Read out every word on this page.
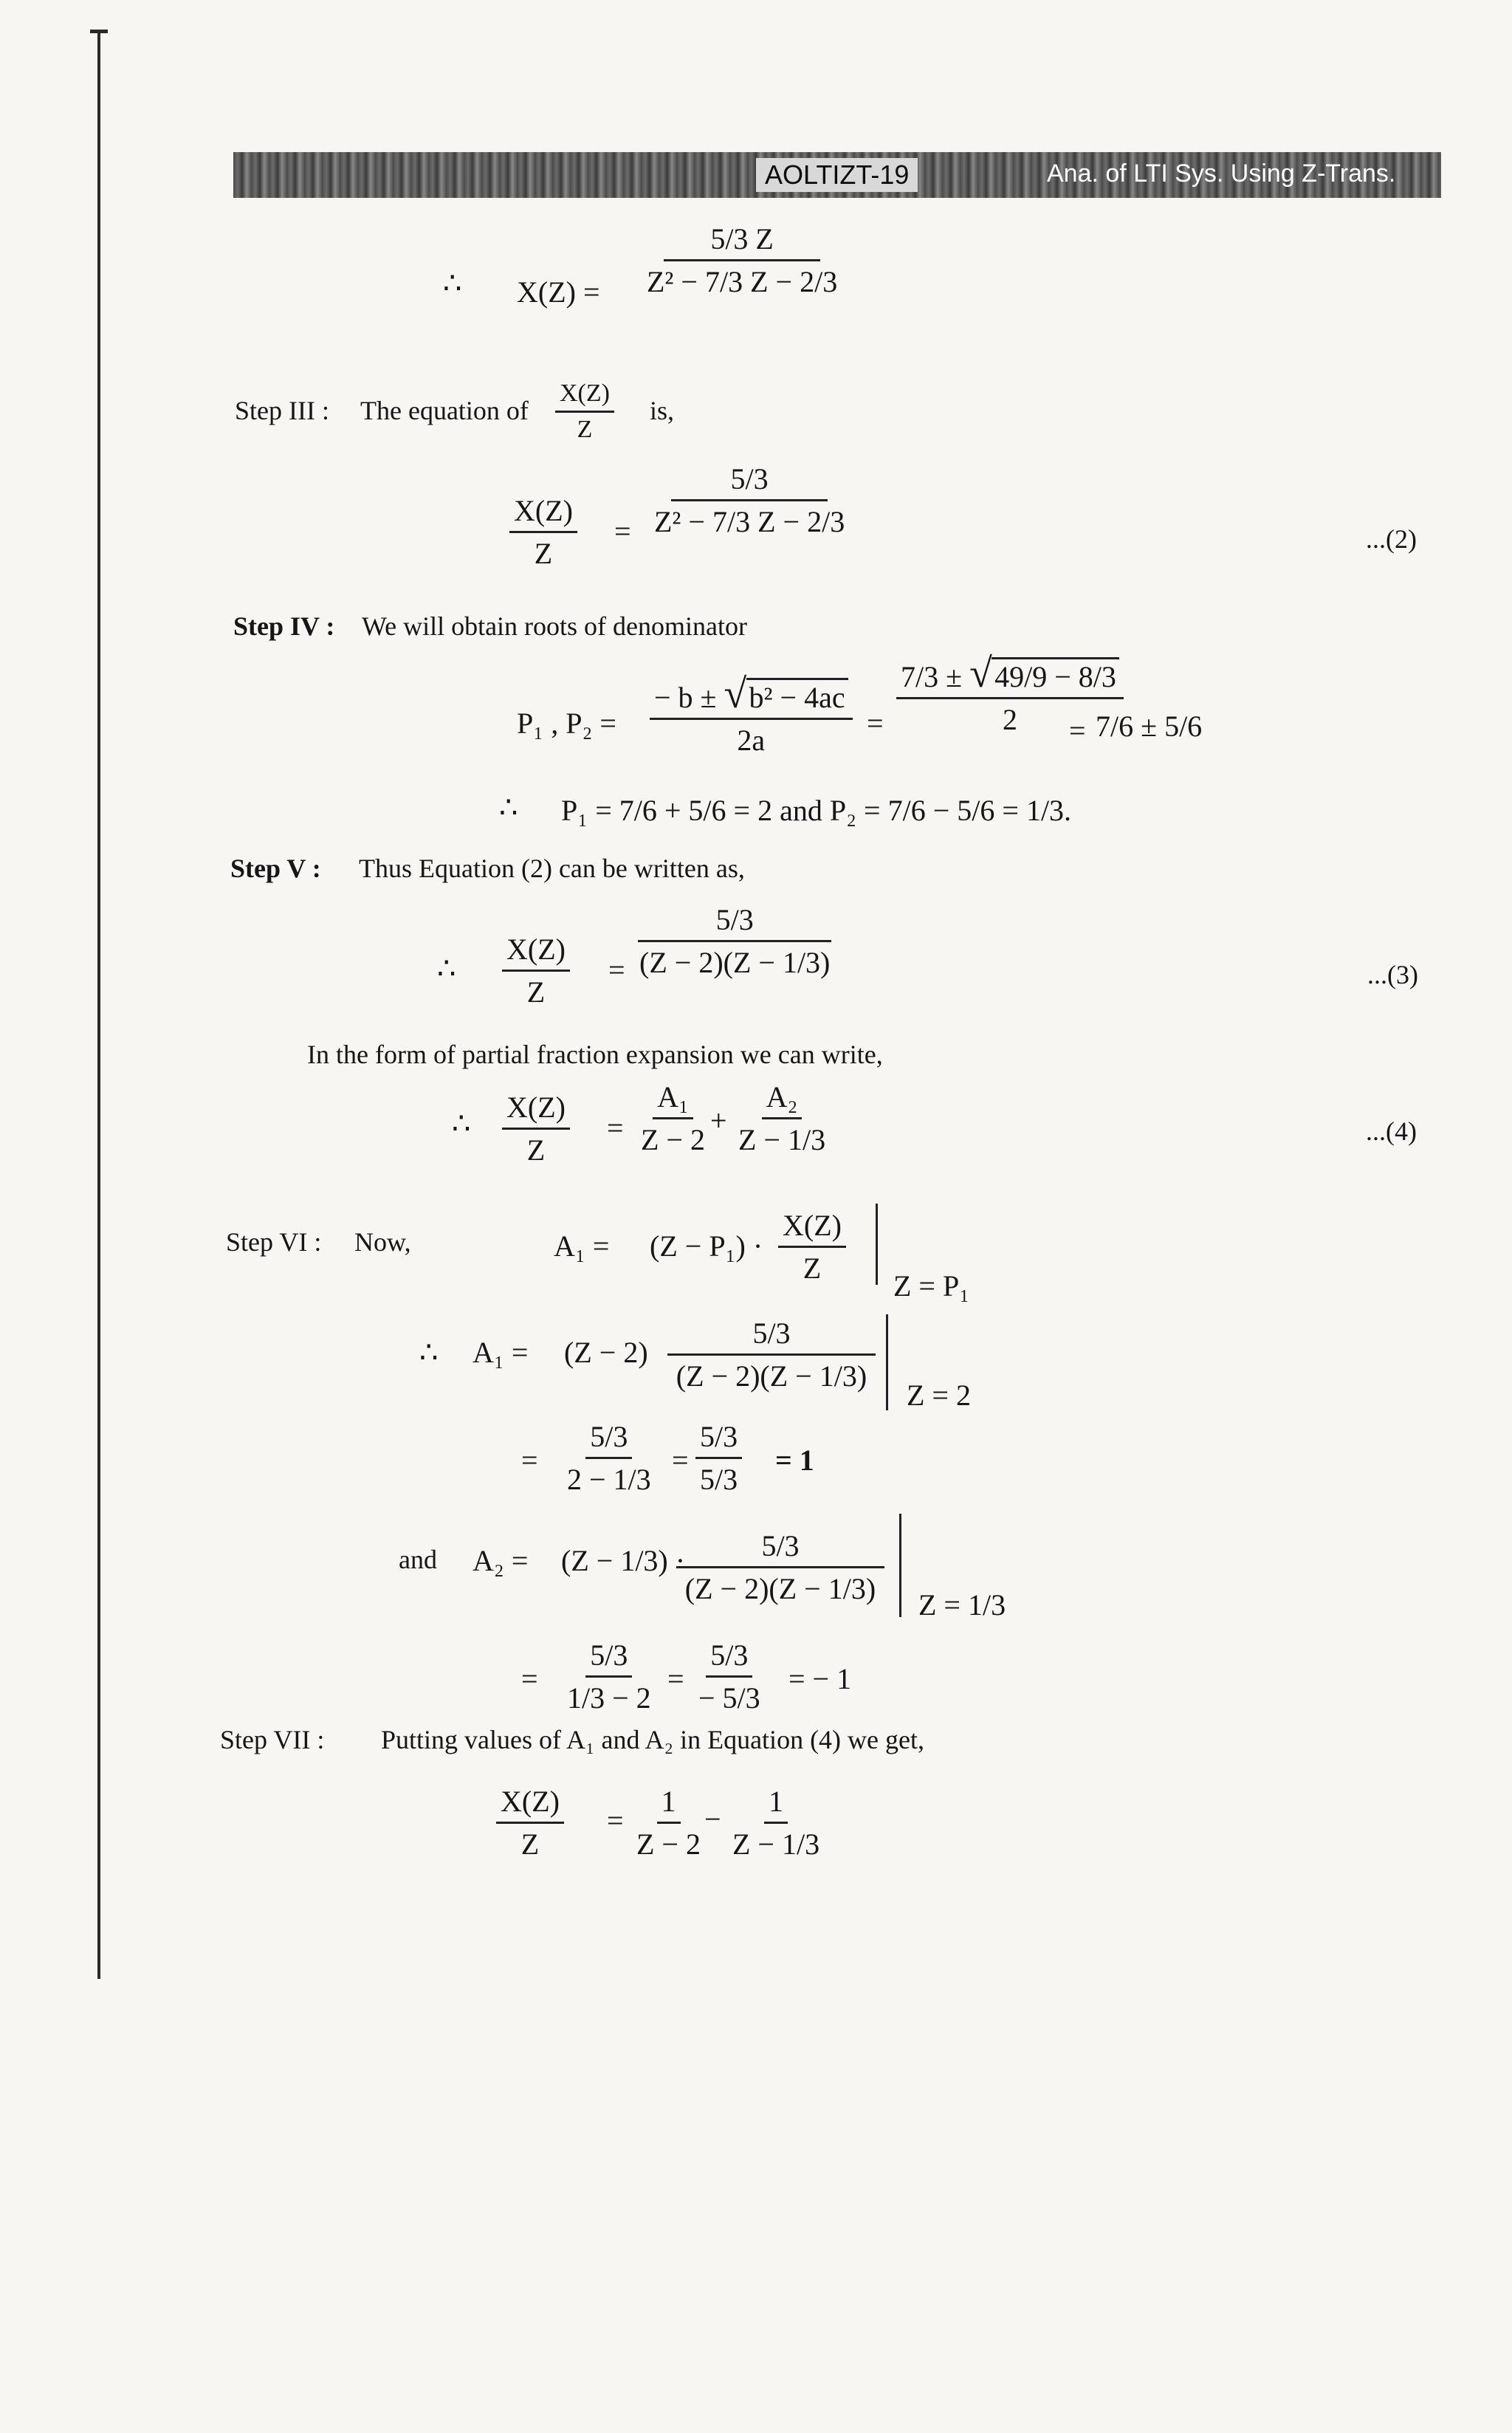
AOLTIZT-19	Ana. of LTI Sys. Using Z-Trans.
∴ $X(Z) = \frac{5/3 Z}{\text{Z² − 7/3 Z − 2/3}}$
Step III : The equation of $\frac{X(Z)}{Z}$ is,
$\frac{X(Z)}{Z} = \frac{5/3}{\text{Z² − 7/3 Z − 2/3}}$	...(2)
Step IV : We will obtain roots of denominator
P₁ , $P_2 = \frac{\text{− b ± √ b² − 4ac}}{2a} = \frac{7/3 \pm √ 49/9 - 8/3}{2}$
= 7/6 ± 5/6
∴ P₁ = 7/6 + 5/6 = 2 and P₂ = 7/6 − 5/6 = 1/3.
Step V : Thus Equation (2) can be written as,
∴ $\frac{X(Z)}{Z} = \frac{5/3}{(Z - 2)(Z - 1/3)}$	...(3)
In the form of partial fraction expansion we can write,
∴ $\frac{X(Z)}{Z} = \frac{\text{A₁}}{Z - 2} + \frac{\text{A₂}}{Z - 1/3}$	...(4)
Step VI : Now,	$A_1 = (Z - P_1) \cdot \frac{X(Z)}{Z}$
Z = P₁
∴ $A_1 = (Z - 2) \frac{5/3}{(Z - 2)(Z - 1/3)}$
Z = 2
= $\frac{5/3}{2 - 1/3} = \frac{5/3}{5/3} = 1$
and A₂ = (Z − 1/3) ·
$\frac{5/3}{(Z - 2)(Z - 1/3)}$ Z = 1/3
= $\frac{5/3}{1/3 - 2} = \frac{5/3}{- 5/3}$ = − 1
Step VII : Putting values of A₁ and A₂ in Equation (4) we get,
$\frac{X(Z)}{Z} = \frac{1}{Z - 2} - \frac{1}{Z - 1/3}$
